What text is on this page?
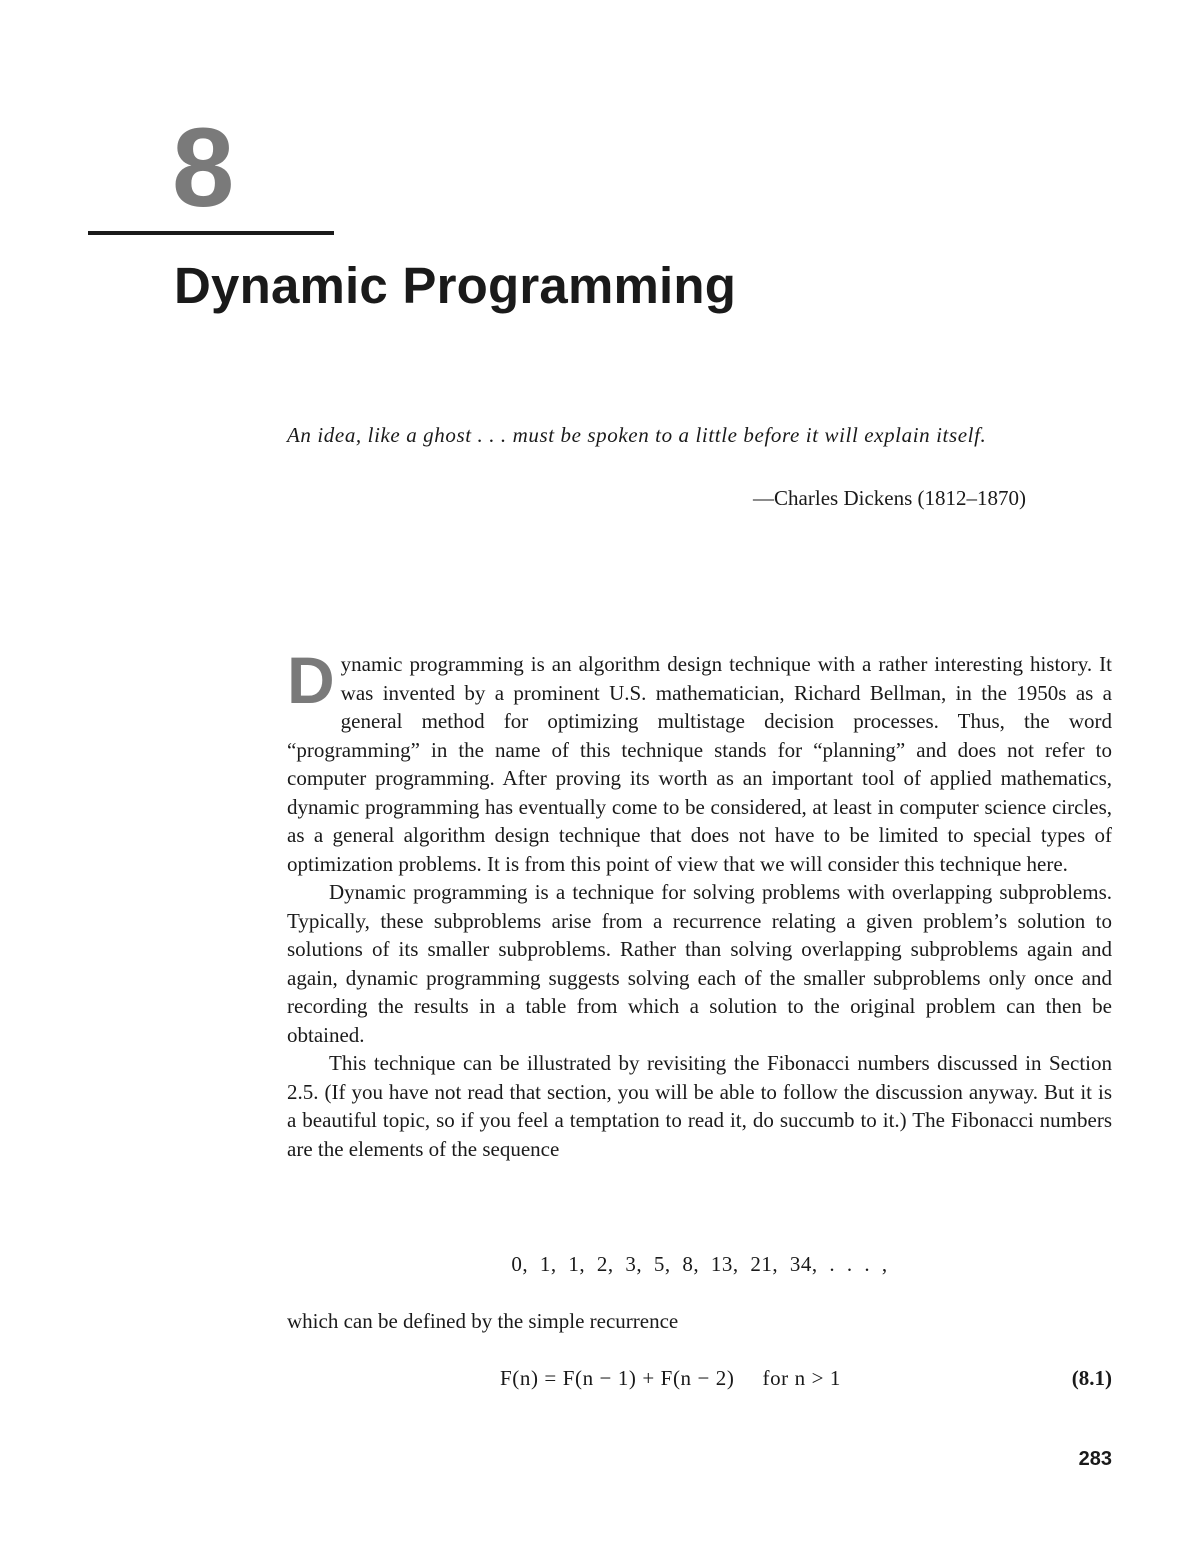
8
Dynamic Programming

An idea, like a ghost . . . must be spoken to a little before it will explain itself.

—Charles Dickens (1812–1870)

Dynamic programming is an algorithm design technique with a rather interesting history. It was invented by a prominent U.S. mathematician, Richard Bellman, in the 1950s as a general method for optimizing multistage decision processes. Thus, the word “programming” in the name of this technique stands for “planning” and does not refer to computer programming. After proving its worth as an important tool of applied mathematics, dynamic programming has eventually come to be considered, at least in computer science circles, as a general algorithm design technique that does not have to be limited to special types of optimization problems. It is from this point of view that we will consider this technique here.

Dynamic programming is a technique for solving problems with overlapping subproblems. Typically, these subproblems arise from a recurrence relating a given problem’s solution to solutions of its smaller subproblems. Rather than solving overlapping subproblems again and again, dynamic programming suggests solving each of the smaller subproblems only once and recording the results in a table from which a solution to the original problem can then be obtained.

This technique can be illustrated by revisiting the Fibonacci numbers discussed in Section 2.5. (If you have not read that section, you will be able to follow the discussion anyway. But it is a beautiful topic, so if you feel a temptation to read it, do succumb to it.) The Fibonacci numbers are the elements of the sequence

0, 1, 1, 2, 3, 5, 8, 13, 21, 34, . . . ,

which can be defined by the simple recurrence

F(n) = F(n − 1) + F(n − 2) for n > 1	(8.1)

283
